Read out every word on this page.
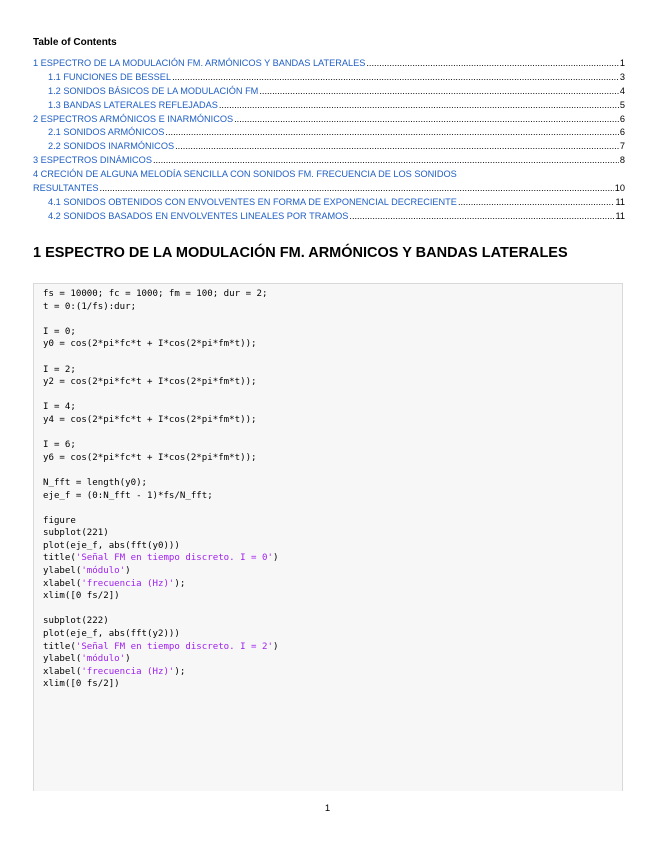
Table of Contents
1 ESPECTRO DE LA MODULACIÓN FM. ARMÓNICOS Y BANDAS LATERALES .....	1
1.1 FUNCIONES DE BESSEL .....	3
1.2 SONIDOS BÁSICOS DE LA MODULACIÓN FM .....	4
1.3 BANDAS LATERALES REFLEJADAS .....	5
2 ESPECTROS ARMÓNICOS E INARMÓNICOS .....	6
2.1 SONIDOS ARMÓNICOS .....	6
2.2 SONIDOS INARMÓNICOS .....	7
3 ESPECTROS DINÁMICOS .....	8
4 CRECIÓN DE ALGUNA MELODÍA SENCILLA CON SONIDOS FM. FRECUENCIA DE LOS SONIDOS
RESULTANTES .....	10
4.1 SONIDOS OBTENIDOS CON ENVOLVENTES EN FORMA DE EXPONENCIAL DECRECIENTE .....	11
4.2 SONIDOS BASADOS EN ENVOLVENTES LINEALES POR TRAMOS .....	11
1 ESPECTRO DE LA MODULACIÓN FM. ARMÓNICOS Y BANDAS LATERALES
fs = 10000; fc = 1000; fm = 100; dur = 2;
t = 0:(1/fs):dur;
I = 0;
y0 = cos(2*pi*fc*t + I*cos(2*pi*fm*t));
I = 2;
y2 = cos(2*pi*fc*t + I*cos(2*pi*fm*t));
I = 4;
y4 = cos(2*pi*fc*t + I*cos(2*pi*fm*t));
I = 6;
y6 = cos(2*pi*fc*t + I*cos(2*pi*fm*t));
N_fft = length(y0);
eje_f = (0:N_fft - 1)*fs/N_fft;
figure
subplot(221)
plot(eje_f, abs(fft(y0)))
title('Señal FM en tiempo discreto. I = 0')
ylabel('módulo')
xlabel('frecuencia (Hz)');
xlim([0 fs/2])
subplot(222)
plot(eje_f, abs(fft(y2)))
title('Señal FM en tiempo discreto. I = 2')
ylabel('módulo')
xlabel('frecuencia (Hz)');
xlim([0 fs/2])
1
